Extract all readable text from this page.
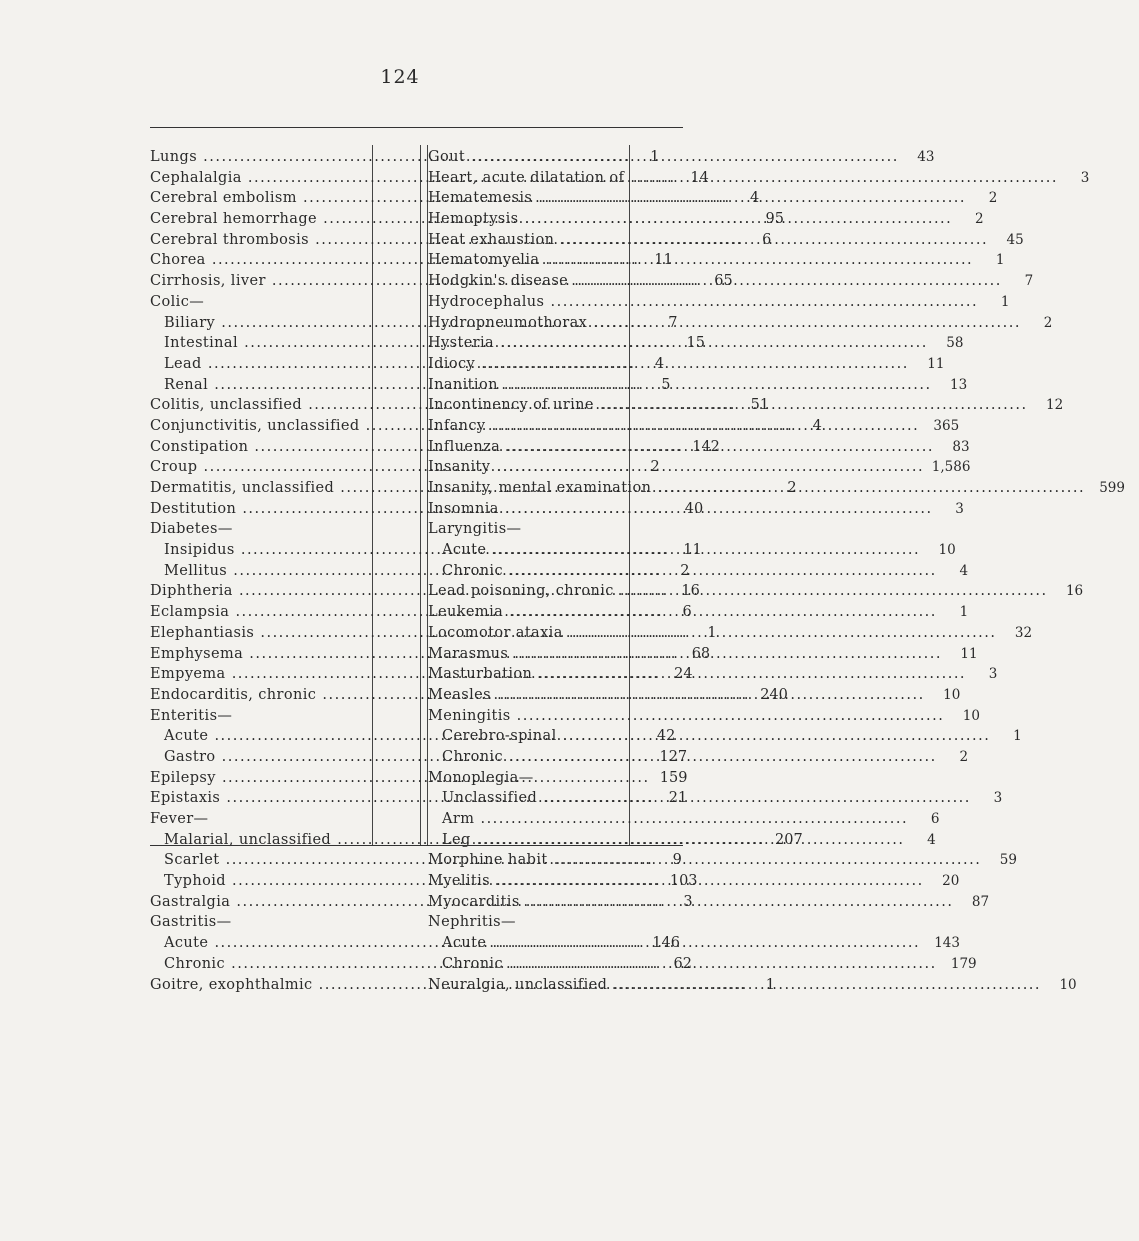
124
Lungs .....	1
Cephalalgia .....	14
Cerebral embolism .....	4
Cerebral hemorrhage .....	95
Cerebral thrombosis .....	6
Chorea .....	11
Cirrhosis, liver .....	65
Colic—
Biliary .....	7
Intestinal .....	15
Lead .....	4
Renal .....	5
Colitis, unclassified .....	51
Conjunctivitis, unclassified .....	4
Constipation .....	142
Croup .....	2
Dermatitis, unclassified .....	2
Destitution .....	40
Diabetes—
Insipidus .....	11
Mellitus .....	2
Diphtheria .....	16
Eclampsia .....	6
Elephantiasis .....	1
Emphysema .....	68
Empyema .....	24
Endocarditis, chronic .....	240
Enteritis—
Acute .....	42
Gastro .....	127
Epilepsy .....	159
Epistaxis .....	21
Fever—
Malarial, unclassified .....	207
Scarlet .....	9
Typhoid .....	103
Gastralgia .....	3
Gastritis—
Acute .....	146
Chronic .....	62
Goitre, exophthalmic .....	1
Gout .....	43
Heart, acute dilatation of .....	3
Hematemesis .....	2
Hemoptysis .....	2
Heat exhaustion .....	45
Hematomyelia .....	1
Hodgkin's disease .....	7
Hydrocephalus .....	1
Hydropneumothorax .....	2
Hysteria .....	58
Idiocy .....	11
Inanition .....	13
Incontinency of urine .....	12
Infancy .....	365
Influenza .....	83
Insanity .....	1,586
Insanity, mental examination .....	599
Insomnia .....	3
Laryngitis—
Acute .....	10
Chronic .....	4
Lead poisoning, chronic .....	16
Leukemia .....	1
Locomotor ataxia .....	32
Marasmus .....	11
Masturbation .....	3
Measles .....	10
Meningitis .....	10
Cerebro-spinal .....	1
Chronic .....	2
Monoplegia—
Unclassified .....	3
Arm .....	6
Leg .....	4
Morphine habit .....	59
Myelitis .....	20
Myocarditis .....	87
Nephritis—
Acute .....	143
Chronic .....	179
Neuralgia, unclassified .....	10
